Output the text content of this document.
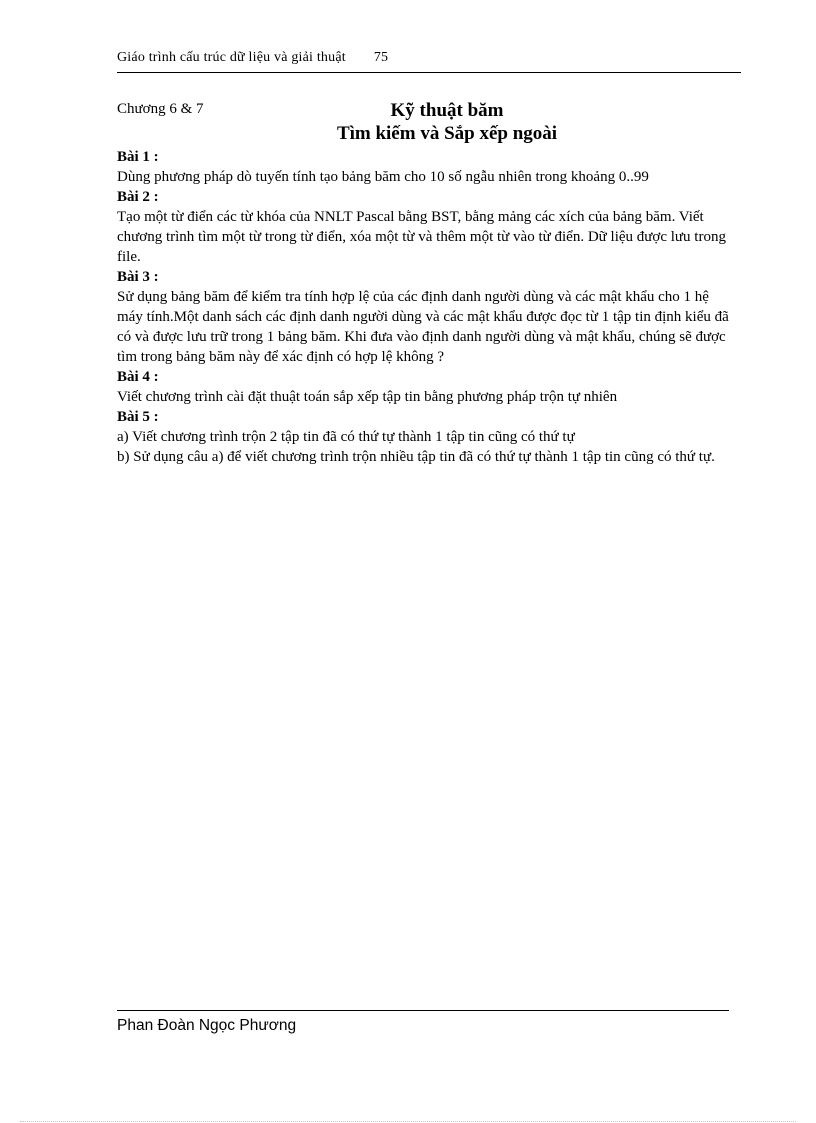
Giáo trình cấu trúc dữ liệu và giải thuật 75
Chương 6 & 7	Kỹ thuật băm
Tìm kiếm và Sắp xếp ngoài

Bài 1 :

Dùng phương pháp dò tuyến tính tạo bảng băm cho 10 số ngẫu nhiên trong khoảng 0..99

Bài 2 :

Tạo một từ điển các từ khóa của NNLT Pascal bằng BST, bằng mảng các xích của bảng băm. Viết chương trình tìm một từ trong từ điển, xóa một từ và thêm một từ vào từ điển. Dữ liệu được lưu trong file.

Bài 3 :

Sử dụng bảng băm để kiểm tra tính hợp lệ của các định danh người dùng và các mật khẩu cho 1 hệ máy tính.Một danh sách các định danh người dùng và các mật khẩu được đọc từ 1 tập tin định kiểu đã có và được lưu trữ trong 1 bảng băm. Khi đưa vào định danh người dùng và mật khẩu, chúng sẽ được tìm trong bảng băm này để xác định có hợp lệ không ?

Bài 4 :

Viết chương trình cài đặt thuật toán sắp xếp tập tin bằng phương pháp trộn tự nhiên

Bài 5 :

a) Viết chương trình trộn 2 tập tin đã có thứ tự thành 1 tập tin cũng có thứ tự

b) Sử dụng câu a) để viết chương trình trộn nhiều tập tin đã có thứ tự thành 1 tập tin cũng có thứ tự.

Phan Đoàn Ngọc Phương
